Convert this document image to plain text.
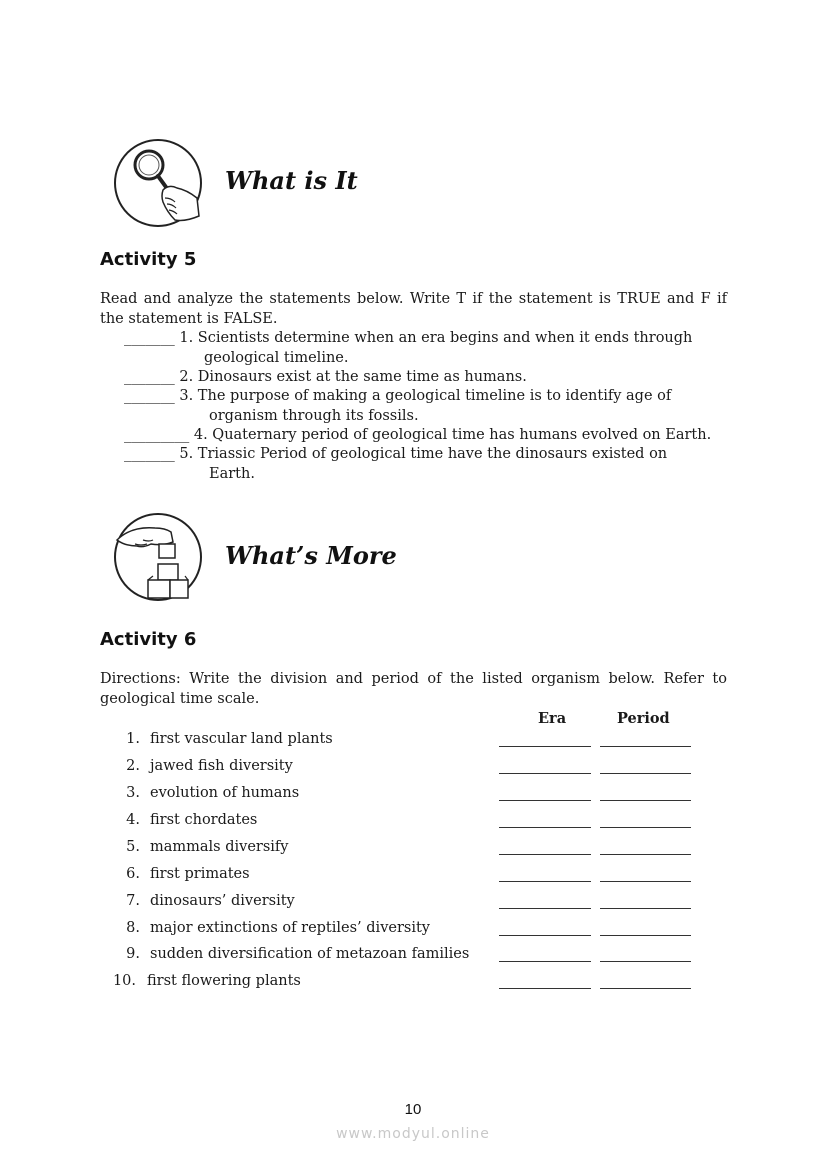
What is It
Activity 5

Read and analyze the statements below. Write T if the statement is TRUE and F if the statement is FALSE.

_______ 1. Scientists determine when an era begins and when it ends through
geological timeline.
_______ 2. Dinosaurs exist at the same time as humans.
_______ 3. The purpose of making a geological timeline is to identify age of
organism through its fossils.
_________ 4. Quaternary period of geological time has humans evolved on Earth.
_______ 5. Triassic Period of geological time have the dinosaurs existed on
Earth.
What’s More
Activity 6

Directions: Write the division and period of the listed organism below. Refer to geological time scale.

Era	Period
1. first vascular land plants
2. jawed fish diversity
3. evolution of humans
4. first chordates
5. mammals diversify
6. first primates
7. dinosaurs’ diversity
8. major extinctions of reptiles’ diversity
9. sudden diversification of metazoan families
10. first flowering plants
10
www.modyul.online
